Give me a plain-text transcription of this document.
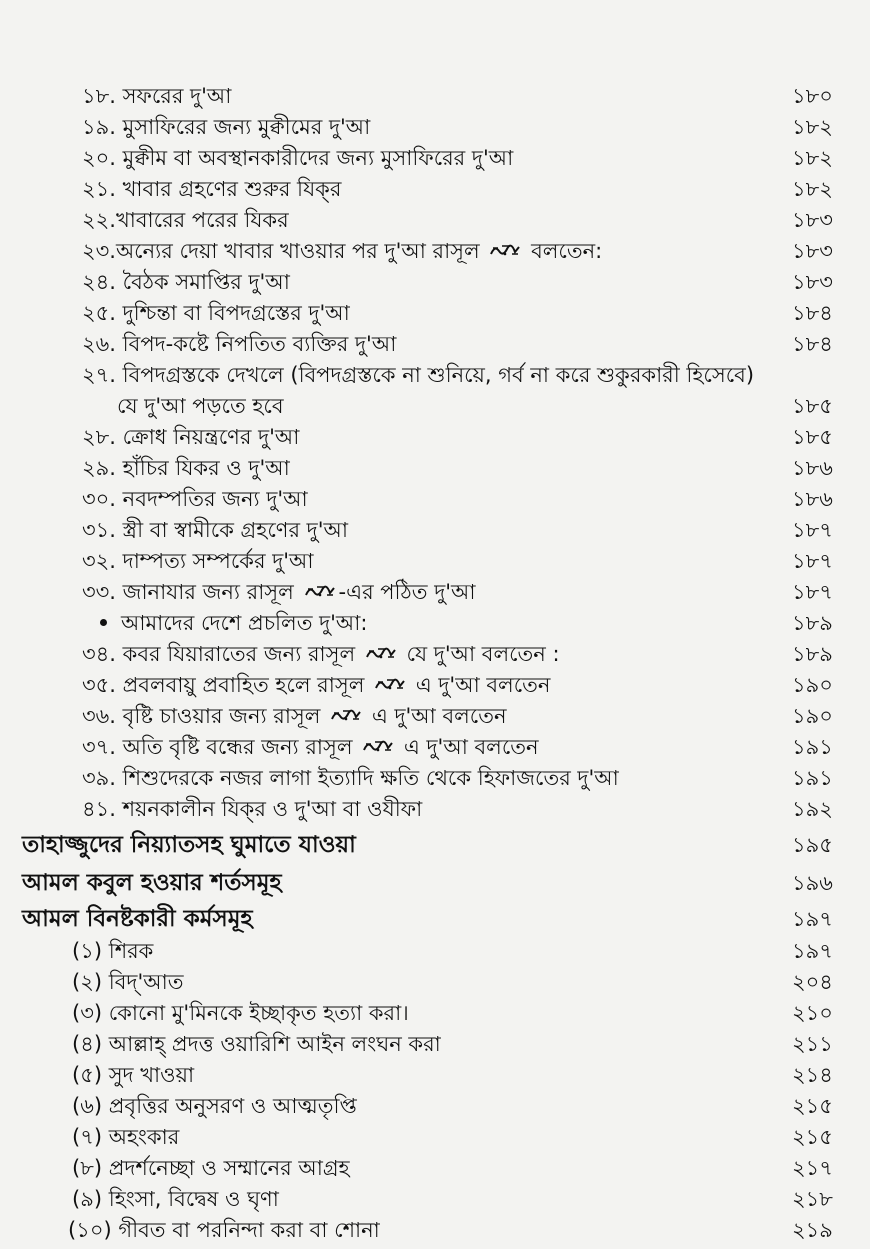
১৮. সফরের দু'আ	১৮০
১৯. মুসাফিরের জন্য মুক্বীমের দু'আ	১৮২
২০. মুক্বীম বা অবস্থানকারীদের জন্য মুসাফিরের দু'আ	১৮২
২১. খাবার গ্রহণের শুরুর যিক্‌র	১৮২
২২.খাবারের পরের যিকর	১৮৩
২৩.অন্যের দেয়া খাবার খাওয়ার পর দু'আ রাসূল বলতেন:	১৮৩
২৪. বৈঠক সমাপ্তির দু'আ	১৮৩
২৫. দুশ্চিন্তা বা বিপদগ্রস্তের দু'আ	১৮৪
২৬. বিপদ-কষ্টে নিপতিত ব্যক্তির দু'আ	১৮৪
২৭. বিপদগ্রস্তকে দেখলে (বিপদগ্রস্তকে না শুনিয়ে, গর্ব না করে শুকুরকারী হিসেবে)
যে দু'আ পড়তে হবে	১৮৫
২৮. ক্রোধ নিয়ন্ত্রণের দু'আ	১৮৫
২৯. হাঁচির যিকর ও দু'আ	১৮৬
৩০. নবদম্পতির জন্য দু'আ	১৮৬
৩১. স্ত্রী বা স্বামীকে গ্রহণের দু'আ	১৮৭
৩২. দাম্পত্য সম্পর্কের দু'আ	১৮৭
৩৩. জানাযার জন্য রাসূল -এর পঠিত দু'আ	১৮৭
আমাদের দেশে প্রচলিত দু'আ:	১৮৯
৩৪. কবর যিয়ারাতের জন্য রাসূল যে দু'আ বলতেন :	১৮৯
৩৫. প্রবলবায়ু প্রবাহিত হলে রাসূল এ দু'আ বলতেন	১৯০
৩৬. বৃষ্টি চাওয়ার জন্য রাসূল এ দু'আ বলতেন	১৯০
৩৭. অতি বৃষ্টি বন্ধের জন্য রাসূল এ দু'আ বলতেন	১৯১
৩৯. শিশুদেরকে নজর লাগা ইত্যাদি ক্ষতি থেকে হিফাজতের দু'আ	১৯১
৪১. শয়নকালীন যিক্‌র ও দু'আ বা ওযীফা	১৯২
তাহাজ্জুদের নিয়্যাতসহ ঘুমাতে যাওয়া	১৯৫
আমল কবুল হওয়ার শর্তসমূহ	১৯৬
আমল বিনষ্টকারী কর্মসমূহ	১৯৭
(১) শিরক	১৯৭
(২) বিদ্'আত	২০৪
(৩) কোনো মু'মিনকে ইচ্ছাকৃত হত্যা করা।	২১০
(৪) আল্লাহ্ প্রদত্ত ওয়ারিশি আইন লংঘন করা	২১১
(৫) সুদ খাওয়া	২১৪
(৬) প্রবৃত্তির অনুসরণ ও আত্মতৃপ্তি	২১৫
(৭) অহংকার	২১৫
(৮) প্রদর্শনেচ্ছা ও সম্মানের আগ্রহ	২১৭
(৯) হিংসা, বিদ্বেষ ও ঘৃণা	২১৮
(১০) গীবত বা পরনিন্দা করা বা শোনা	২১৯
